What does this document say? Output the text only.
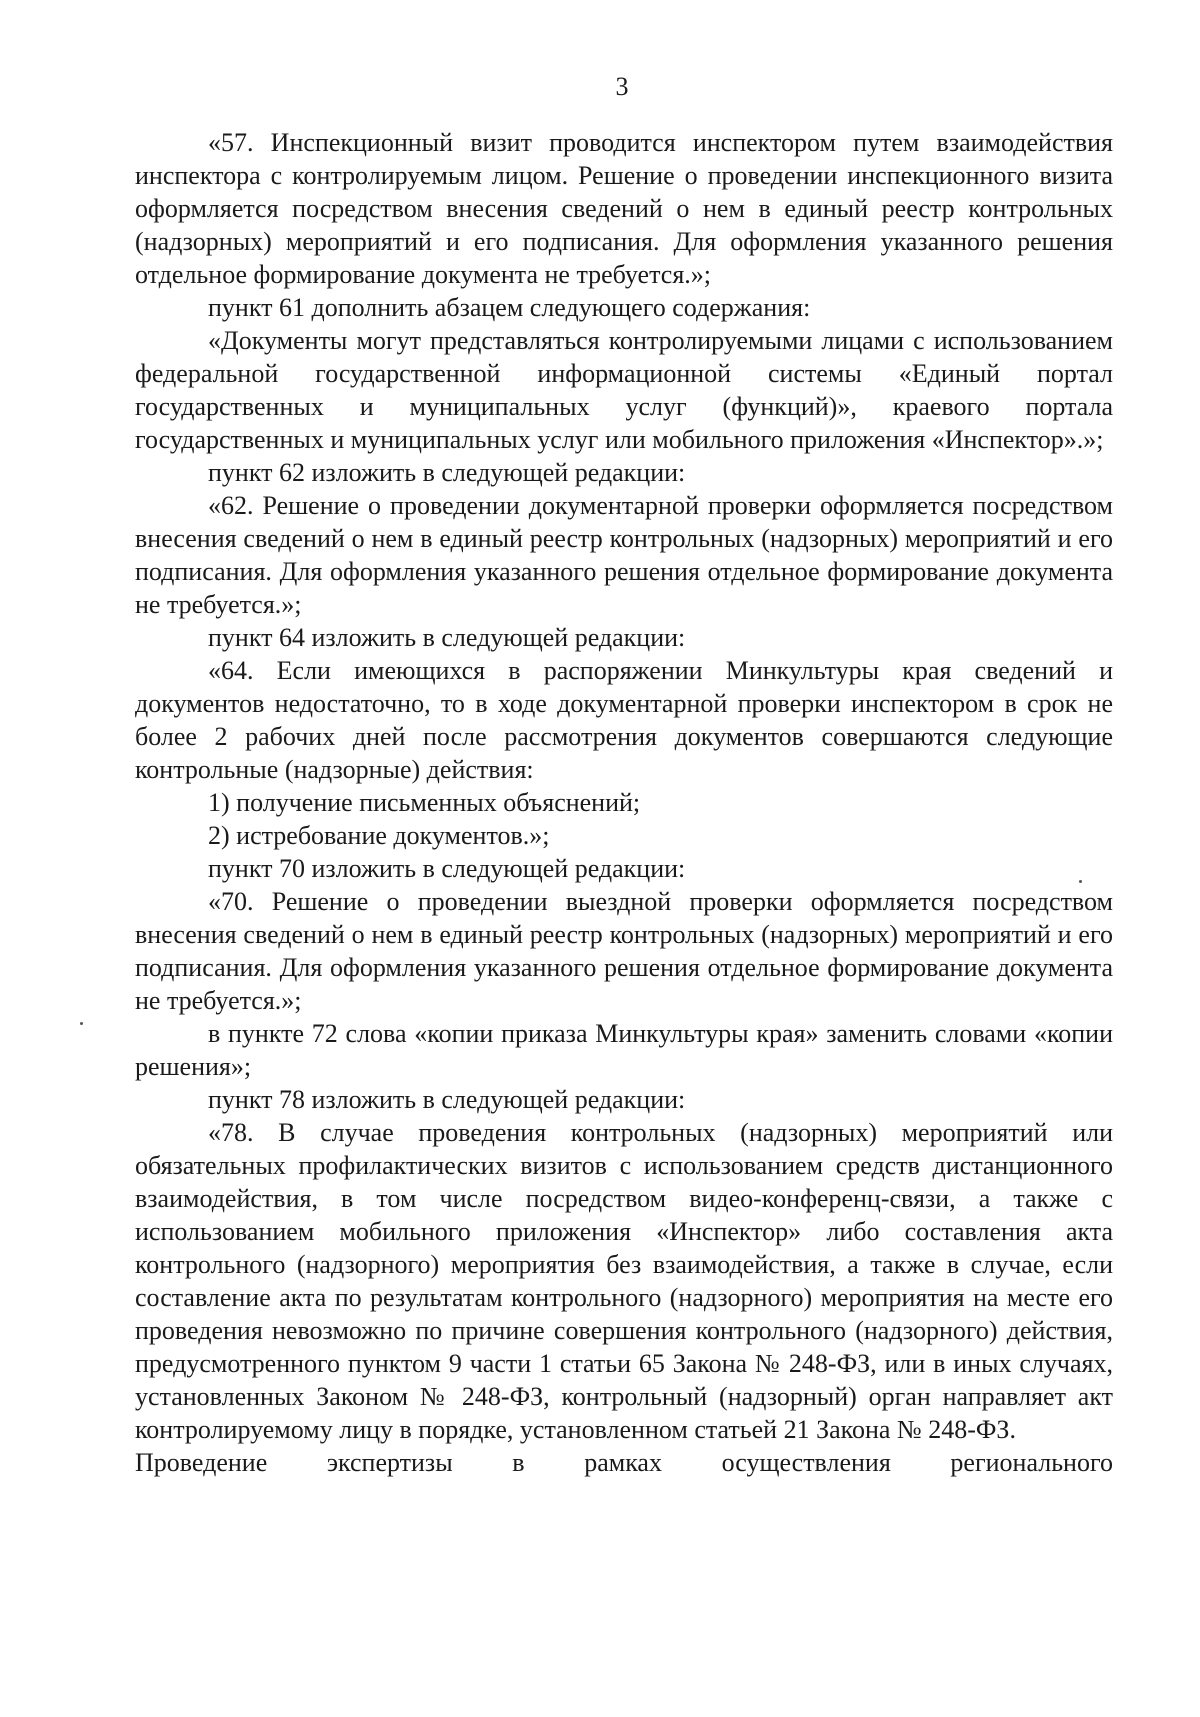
3

«57. Инспекционный визит проводится инспектором путем взаимодействия инспектора с контролируемым лицом. Решение о проведении инспекционного визита оформляется посредством внесения сведений о нем в единый реестр контрольных (надзорных) мероприятий и его подписания. Для оформления указанного решения отдельное формирование документа не требуется.»;

пункт 61 дополнить абзацем следующего содержания:

«Документы могут представляться контролируемыми лицами с использованием федеральной государственной информационной системы «Единый портал государственных и муниципальных услуг (функций)», краевого портала государственных и муниципальных услуг или мобильного приложения «Инспектор».»;

пункт 62 изложить в следующей редакции:

«62. Решение о проведении документарной проверки оформляется посредством внесения сведений о нем в единый реестр контрольных (надзорных) мероприятий и его подписания. Для оформления указанного решения отдельное формирование документа не требуется.»;

пункт 64 изложить в следующей редакции:

«64. Если имеющихся в распоряжении Минкультуры края сведений и документов недостаточно, то в ходе документарной проверки инспектором в срок не более 2 рабочих дней после рассмотрения документов совершаются следующие контрольные (надзорные) действия:

1) получение письменных объяснений;

2) истребование документов.»;

пункт 70 изложить в следующей редакции:

«70. Решение о проведении выездной проверки оформляется посредством внесения сведений о нем в единый реестр контрольных (надзорных) мероприятий и его подписания. Для оформления указанного решения отдельное формирование документа не требуется.»;

в пункте 72 слова «копии приказа Минкультуры края» заменить словами «копии решения»;

пункт 78 изложить в следующей редакции:

«78. В случае проведения контрольных (надзорных) мероприятий или обязательных профилактических визитов с использованием средств дистанционного взаимодействия, в том числе посредством видео-конференц-связи, а также с использованием мобильного приложения «Инспектор» либо составления акта контрольного (надзорного) мероприятия без взаимодействия, а также в случае, если составление акта по результатам контрольного (надзорного) мероприятия на месте его проведения невозможно по причине совершения контрольного (надзорного) действия, предусмотренного пунктом 9 части 1 статьи 65 Закона № 248-ФЗ, или в иных случаях, установленных Законом № 248-ФЗ, контрольный (надзорный) орган направляет акт контролируемому лицу в порядке, установленном статьей 21 Закона № 248-ФЗ.

Проведение экспертизы в рамках осуществления регионального
